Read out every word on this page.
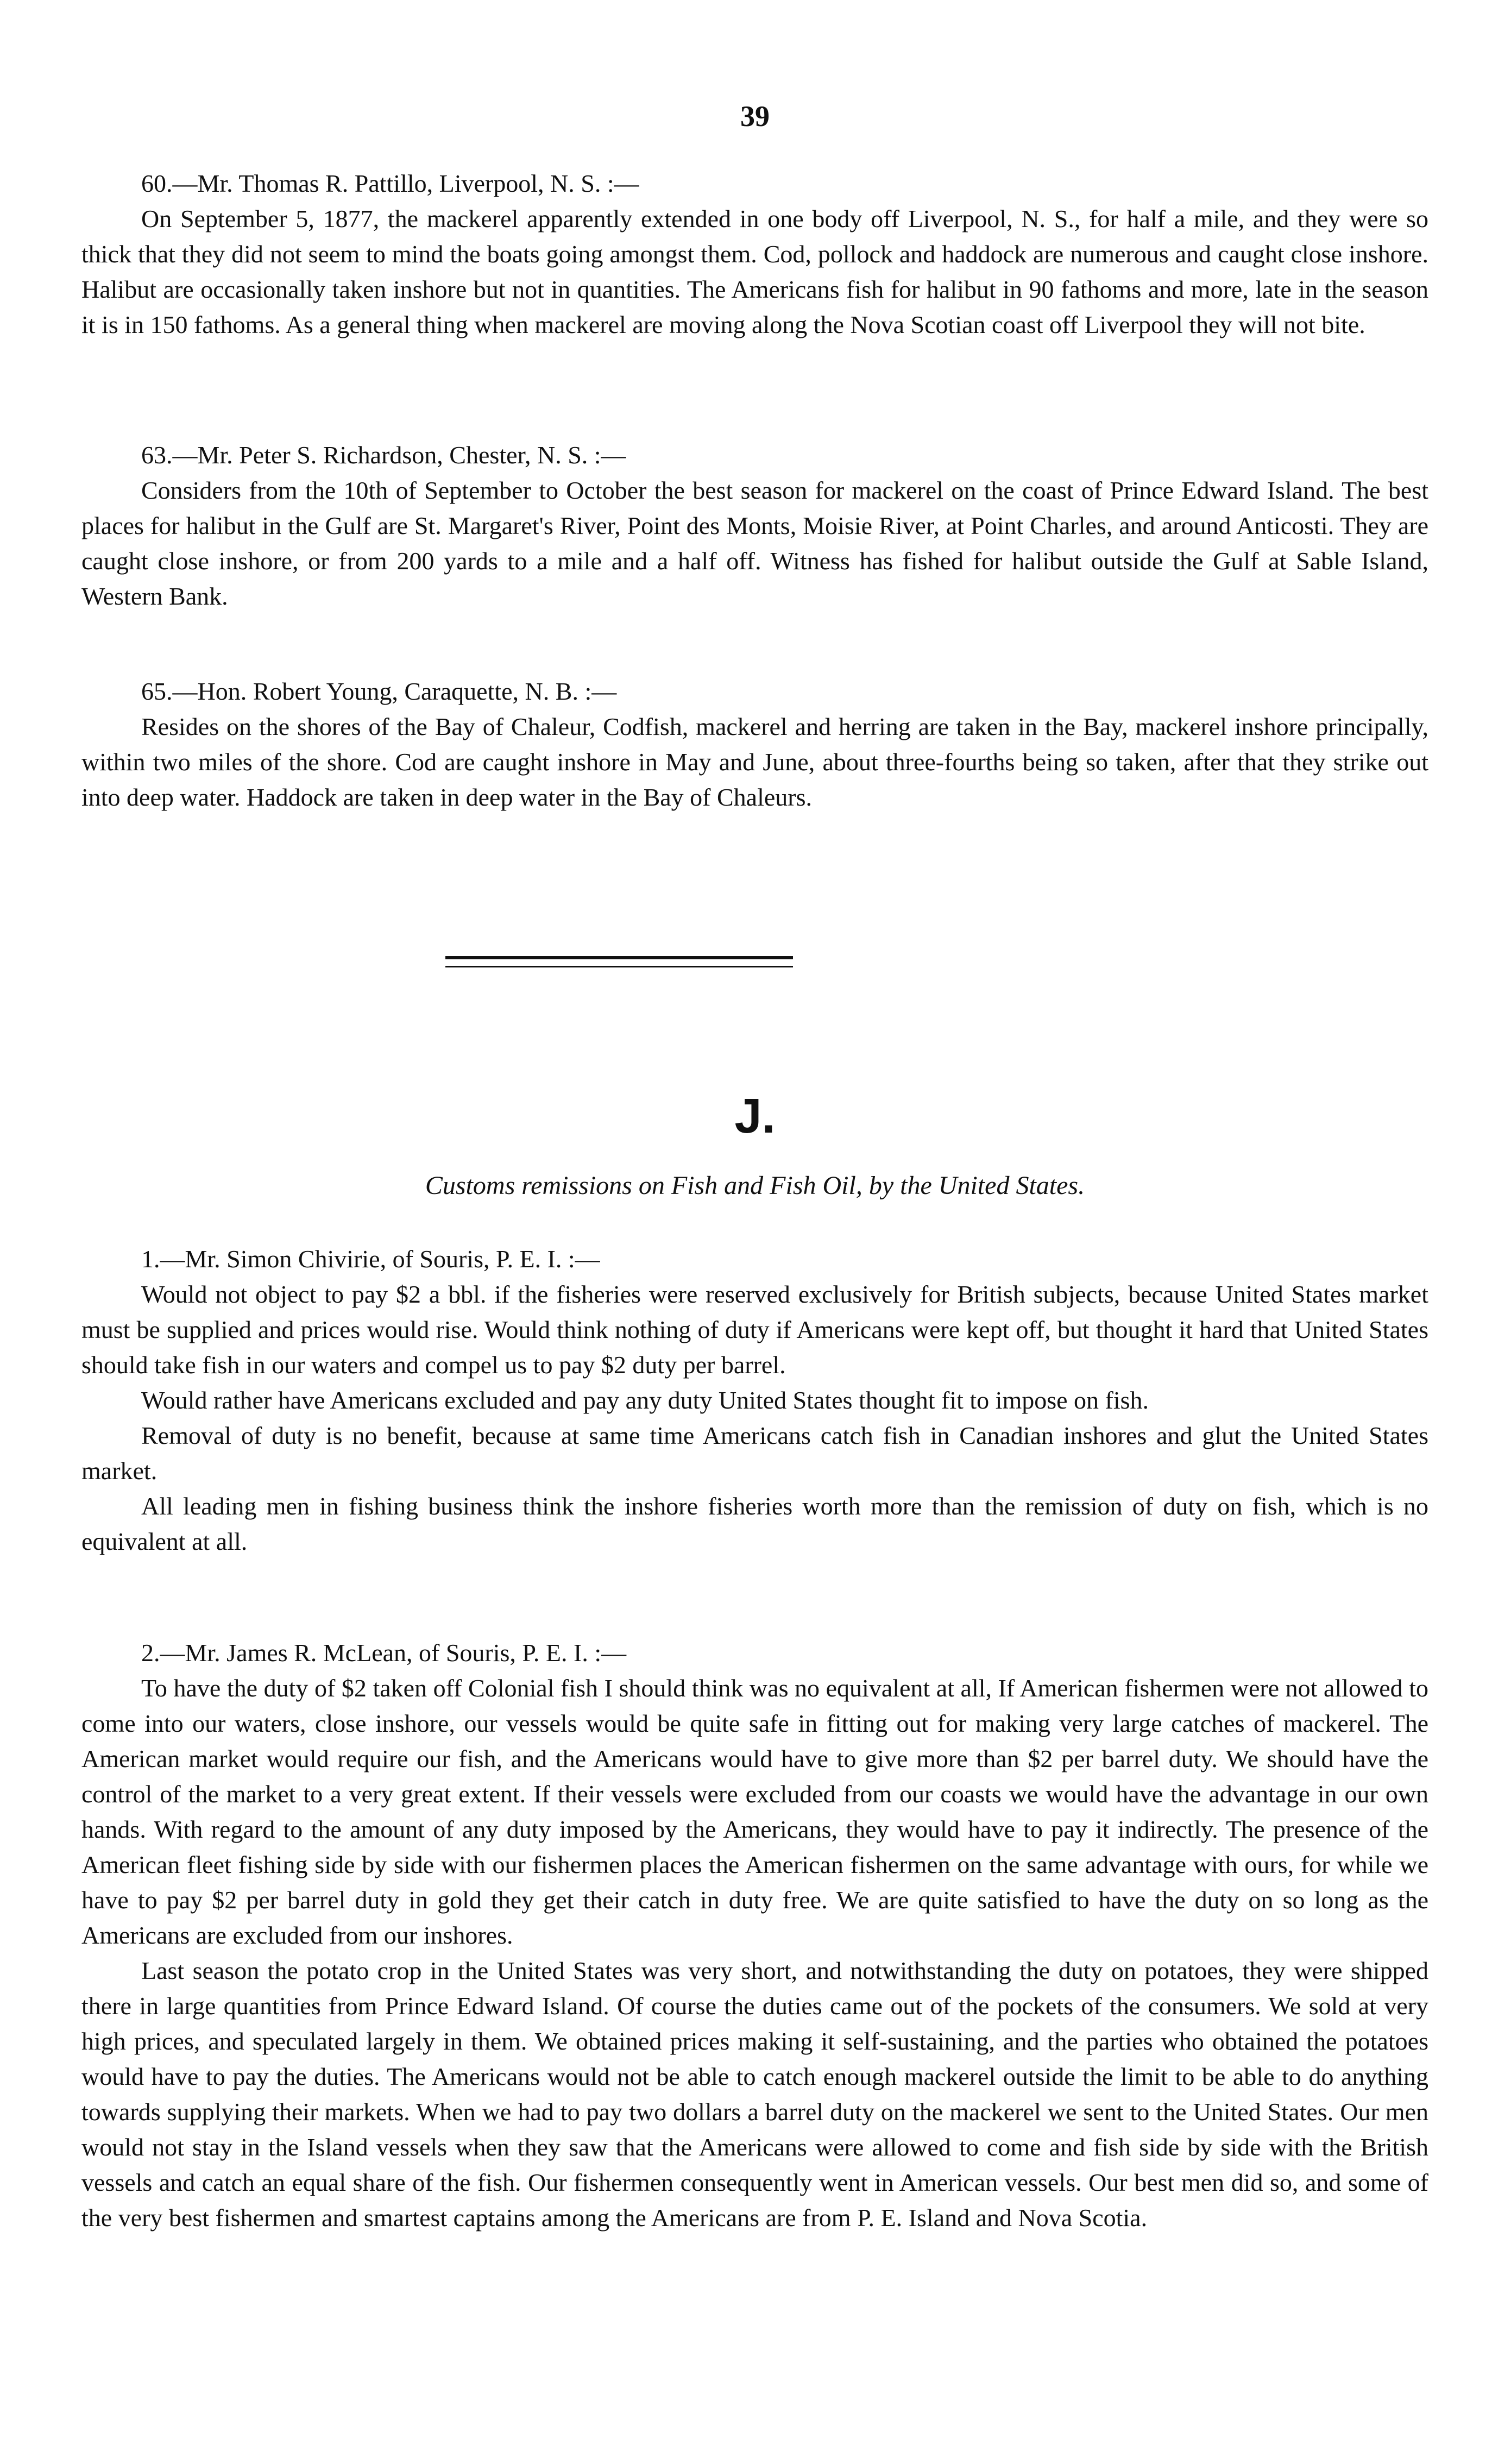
39
60.—Mr. Thomas R. Pattillo, Liverpool, N. S. :—

On September 5, 1877, the mackerel apparently extended in one body off Liverpool, N. S., for half a mile, and they were so thick that they did not seem to mind the boats going amongst them. Cod, pollock and haddock are numerous and caught close inshore. Halibut are occasionally taken inshore but not in quantities. The Americans fish for halibut in 90 fathoms and more, late in the season it is in 150 fathoms. As a general thing when mackerel are moving along the Nova Scotian coast off Liverpool they will not bite.

63.—Mr. Peter S. Richardson, Chester, N. S. :—

Considers from the 10th of September to October the best season for mackerel on the coast of Prince Edward Island. The best places for halibut in the Gulf are St. Margaret's River, Point des Monts, Moisie River, at Point Charles, and around Anticosti. They are caught close inshore, or from 200 yards to a mile and a half off. Witness has fished for halibut outside the Gulf at Sable Island, Western Bank.

65.—Hon. Robert Young, Caraquette, N. B. :—

Resides on the shores of the Bay of Chaleur, Codfish, mackerel and herring are taken in the Bay, mackerel inshore principally, within two miles of the shore. Cod are caught inshore in May and June, about three-fourths being so taken, after that they strike out into deep water. Haddock are taken in deep water in the Bay of Chaleurs.

J.
Customs remissions on Fish and Fish Oil, by the United States.
1.—Mr. Simon Chivirie, of Souris, P. E. I. :—

Would not object to pay $2 a bbl. if the fisheries were reserved exclusively for British subjects, because United States market must be supplied and prices would rise. Would think nothing of duty if Americans were kept off, but thought it hard that United States should take fish in our waters and compel us to pay $2 duty per barrel.

Would rather have Americans excluded and pay any duty United States thought fit to impose on fish.

Removal of duty is no benefit, because at same time Americans catch fish in Canadian inshores and glut the United States market.

All leading men in fishing business think the inshore fisheries worth more than the remission of duty on fish, which is no equivalent at all.

2.—Mr. James R. McLean, of Souris, P. E. I. :—

To have the duty of $2 taken off Colonial fish I should think was no equivalent at all, If American fishermen were not allowed to come into our waters, close inshore, our vessels would be quite safe in fitting out for making very large catches of mackerel. The American market would require our fish, and the Americans would have to give more than $2 per barrel duty. We should have the control of the market to a very great extent. If their vessels were excluded from our coasts we would have the advantage in our own hands. With regard to the amount of any duty imposed by the Americans, they would have to pay it indirectly. The presence of the American fleet fishing side by side with our fishermen places the American fishermen on the same advantage with ours, for while we have to pay $2 per barrel duty in gold they get their catch in duty free. We are quite satisfied to have the duty on so long as the Americans are excluded from our inshores.

Last season the potato crop in the United States was very short, and notwithstanding the duty on potatoes, they were shipped there in large quantities from Prince Edward Island. Of course the duties came out of the pockets of the consumers. We sold at very high prices, and speculated largely in them. We obtained prices making it self-sustaining, and the parties who obtained the potatoes would have to pay the duties. The Americans would not be able to catch enough mackerel outside the limit to be able to do anything towards supplying their markets. When we had to pay two dollars a barrel duty on the mackerel we sent to the United States. Our men would not stay in the Island vessels when they saw that the Americans were allowed to come and fish side by side with the British vessels and catch an equal share of the fish. Our fishermen consequently went in American vessels. Our best men did so, and some of the very best fishermen and smartest captains among the Americans are from P. E. Island and Nova Scotia.
